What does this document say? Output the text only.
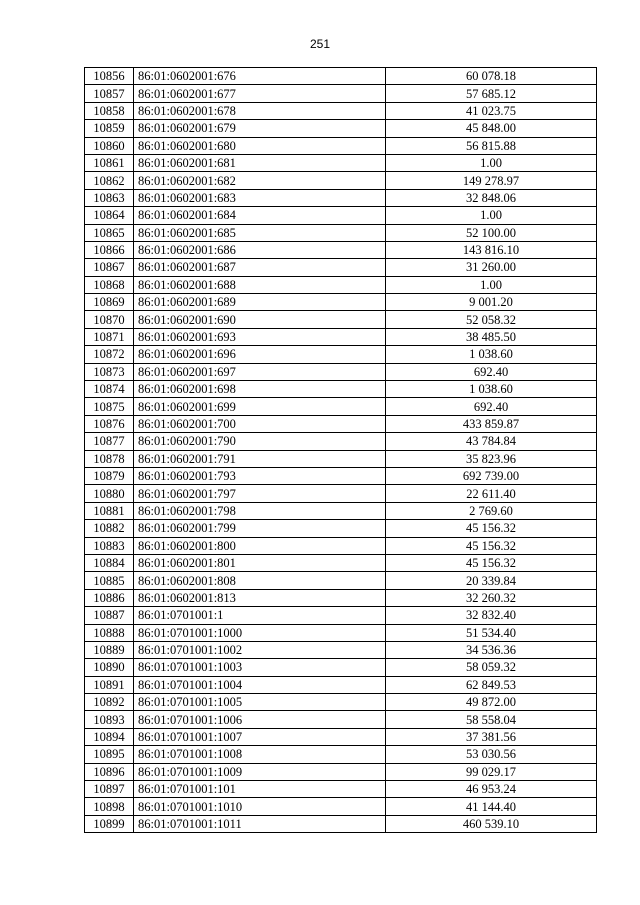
251
10856	86:01:0602001:676	60 078.18
10857	86:01:0602001:677	57 685.12
10858	86:01:0602001:678	41 023.75
10859	86:01:0602001:679	45 848.00
10860	86:01:0602001:680	56 815.88
10861	86:01:0602001:681	1.00
10862	86:01:0602001:682	149 278.97
10863	86:01:0602001:683	32 848.06
10864	86:01:0602001:684	1.00
10865	86:01:0602001:685	52 100.00
10866	86:01:0602001:686	143 816.10
10867	86:01:0602001:687	31 260.00
10868	86:01:0602001:688	1.00
10869	86:01:0602001:689	9 001.20
10870	86:01:0602001:690	52 058.32
10871	86:01:0602001:693	38 485.50
10872	86:01:0602001:696	1 038.60
10873	86:01:0602001:697	692.40
10874	86:01:0602001:698	1 038.60
10875	86:01:0602001:699	692.40
10876	86:01:0602001:700	433 859.87
10877	86:01:0602001:790	43 784.84
10878	86:01:0602001:791	35 823.96
10879	86:01:0602001:793	692 739.00
10880	86:01:0602001:797	22 611.40
10881	86:01:0602001:798	2 769.60
10882	86:01:0602001:799	45 156.32
10883	86:01:0602001:800	45 156.32
10884	86:01:0602001:801	45 156.32
10885	86:01:0602001:808	20 339.84
10886	86:01:0602001:813	32 260.32
10887	86:01:0701001:1	32 832.40
10888	86:01:0701001:1000	51 534.40
10889	86:01:0701001:1002	34 536.36
10890	86:01:0701001:1003	58 059.32
10891	86:01:0701001:1004	62 849.53
10892	86:01:0701001:1005	49 872.00
10893	86:01:0701001:1006	58 558.04
10894	86:01:0701001:1007	37 381.56
10895	86:01:0701001:1008	53 030.56
10896	86:01:0701001:1009	99 029.17
10897	86:01:0701001:101	46 953.24
10898	86:01:0701001:1010	41 144.40
10899	86:01:0701001:1011	460 539.10
